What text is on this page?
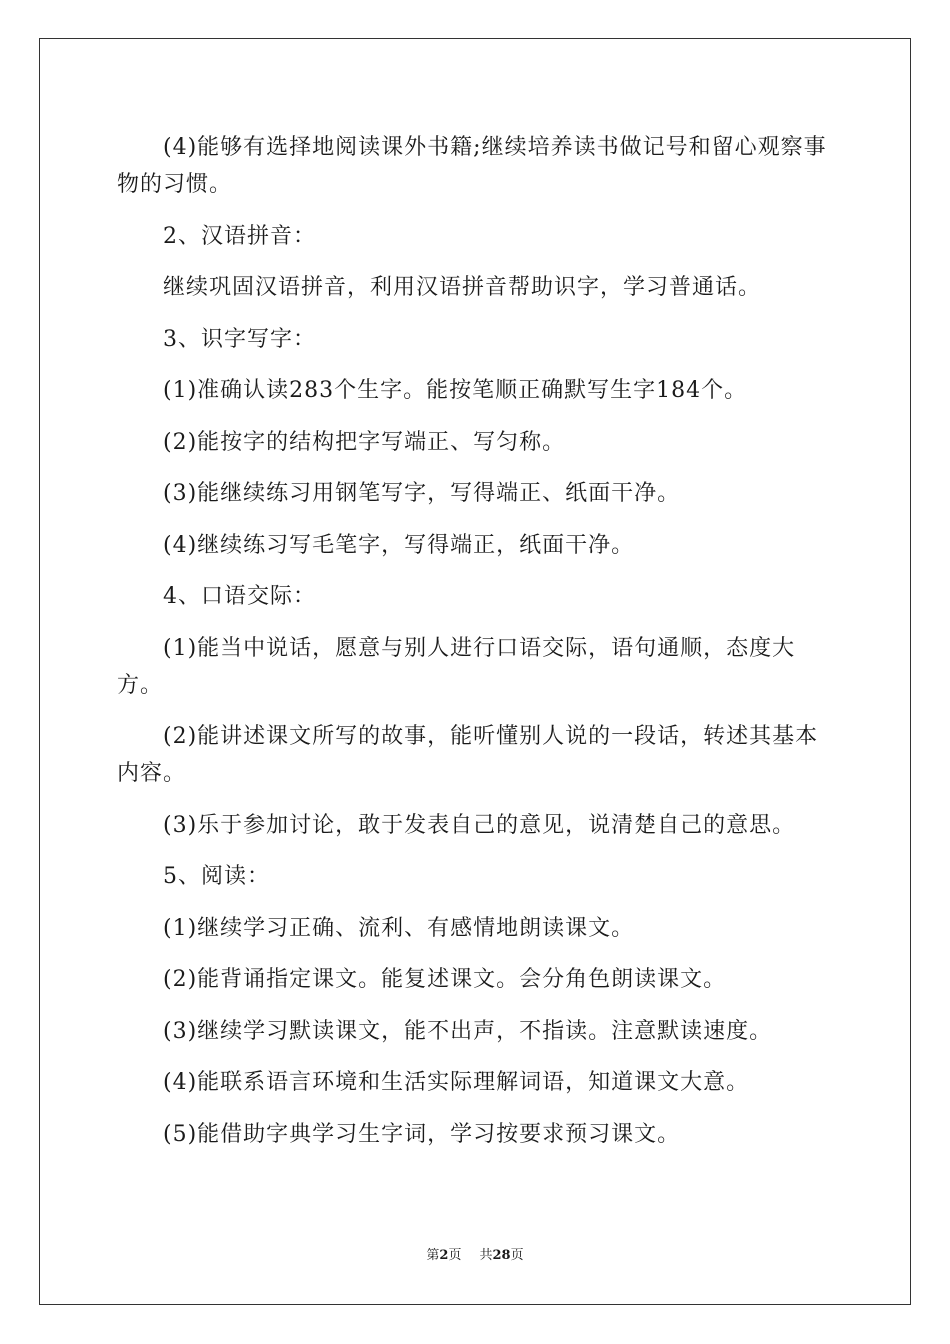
(4)能够有选择地阅读课外书籍;继续培养读书做记号和留心观察事物的习惯。

2、汉语拼音：

继续巩固汉语拼音，利用汉语拼音帮助识字，学习普通话。

3、识字写字：

(1)准确认读283个生字。能按笔顺正确默写生字184个。

(2)能按字的结构把字写端正、写匀称。

(3)能继续练习用钢笔写字，写得端正、纸面干净。

(4)继续练习写毛笔字，写得端正，纸面干净。

4、口语交际：

(1)能当中说话，愿意与别人进行口语交际，语句通顺，态度大方。

(2)能讲述课文所写的故事，能听懂别人说的一段话，转述其基本内容。

(3)乐于参加讨论，敢于发表自己的意见，说清楚自己的意思。

5、阅读：

(1)继续学习正确、流利、有感情地朗读课文。

(2)能背诵指定课文。能复述课文。会分角色朗读课文。

(3)继续学习默读课文，能不出声，不指读。注意默读速度。

(4)能联系语言环境和生活实际理解词语，知道课文大意。

(5)能借助字典学习生字词，学习按要求预习课文。

第2页 共28页
